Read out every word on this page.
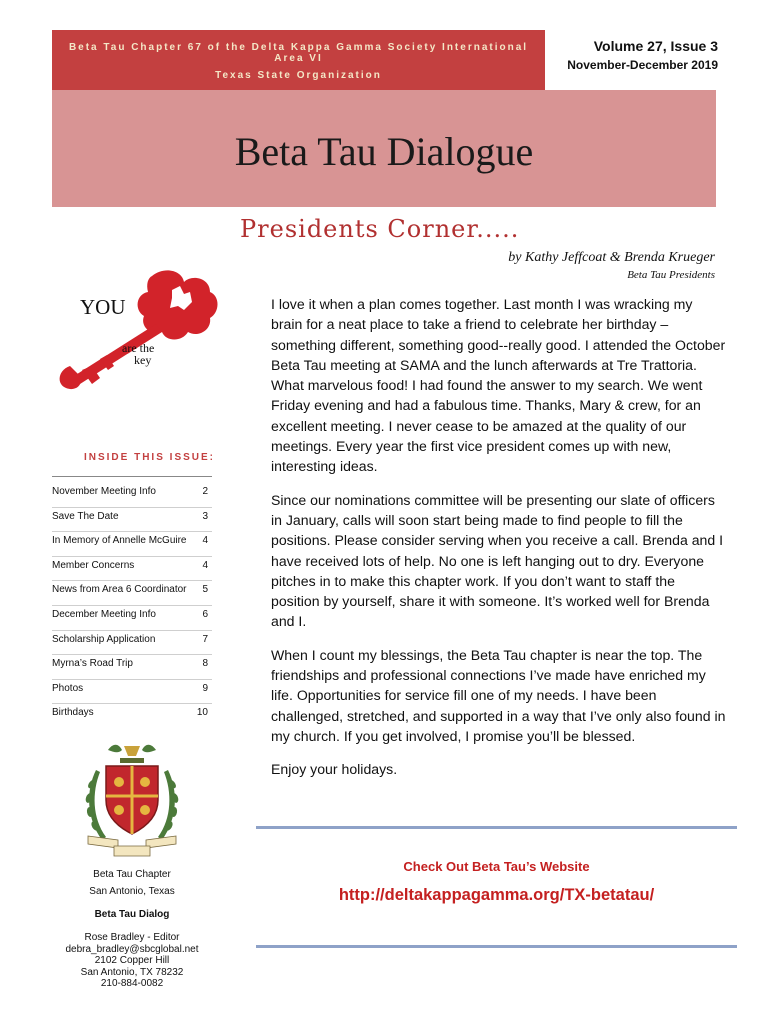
Beta Tau Chapter 67 of the Delta Kappa Gamma Society International Area VI
Texas State Organization
Volume 27, Issue 3
November-December 2019
Beta Tau Dialogue
Presidents Corner.....
by Kathy Jeffcoat & Brenda Krueger
Beta Tau Presidents
YOU
are the
key
INSIDE THIS ISSUE:
November Meeting Info	2
Save The Date	3
In Memory of Annelle McGuire 4
Member Concerns	4
News from Area 6 Coordinator 5
December Meeting Info	6
Scholarship Application	7
Myrna’s Road Trip	8
Photos	9
Birthdays	10
Beta Tau Chapter
San Antonio, Texas
Beta Tau Dialog
Rose Bradley - Editor
debra_bradley@sbcglobal.net
2102 Copper Hill
San Antonio, TX 78232
210-884-0082

I love it when a plan comes together. Last month I was wracking my brain for a neat place to take a friend to celebrate her birthday – something different, something good--really good. I attended the October Beta Tau meeting at SAMA and the lunch afterwards at Tre Trattoria. What marvelous food! I had found the answer to my search. We went Friday evening and had a fabulous time. Thanks, Mary & crew, for an excellent meeting. I never cease to be amazed at the quality of our meetings. Every year the first vice president comes up with new, interesting ideas.

Since our nominations committee will be presenting our slate of officers in January, calls will soon start being made to find people to fill the positions. Please consider serving when you receive a call. Brenda and I have received lots of help. No one is left hanging out to dry. Everyone pitches in to make this chapter work. If you don’t want to staff the position by yourself, share it with someone. It’s worked well for Brenda and I.

When I count my blessings, the Beta Tau chapter is near the top. The friendships and professional connections I’ve made have enriched my life. Opportunities for service fill one of my needs. I have been challenged, stretched, and supported in a way that I’ve only also found in my church. If you get involved, I promise you’ll be blessed.

Enjoy your holidays.

Check Out Beta Tau’s Website
http://deltakappagamma.org/TX-betatau/
